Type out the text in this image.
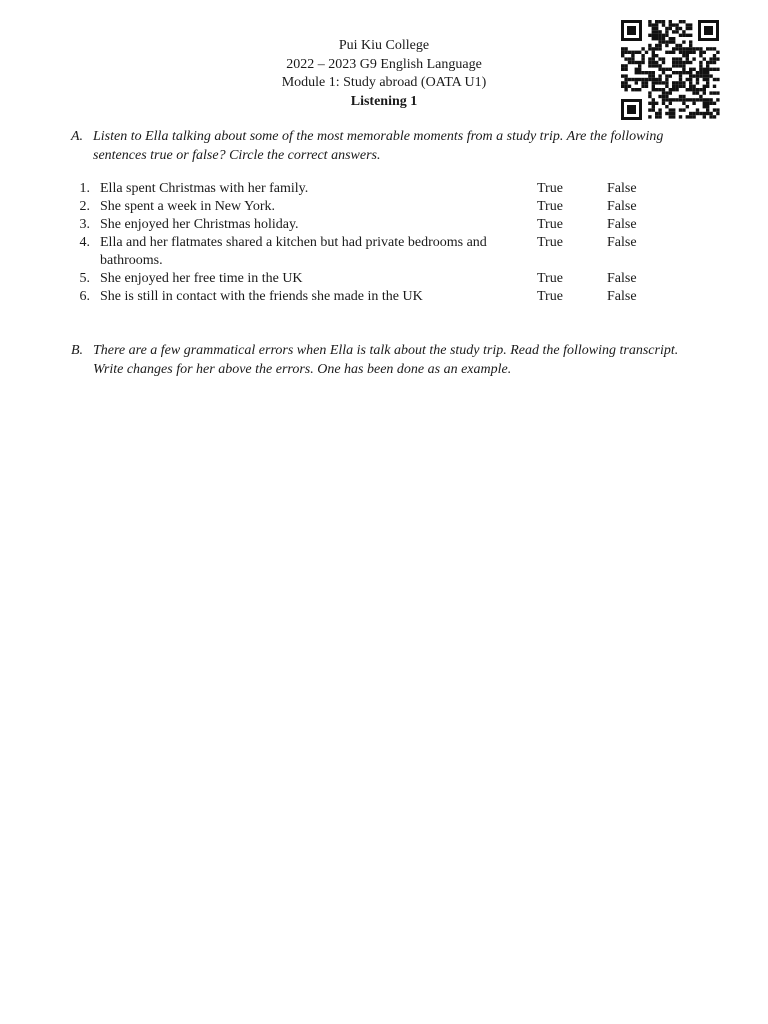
Pui Kiu College
2022 – 2023 G9 English Language
Module 1: Study abroad (OATA U1)
Listening 1
A. Listen to Ella talking about some of the most memorable moments from a study trip. Are the following sentences true or false? Circle the correct answers.
1. Ella spent Christmas with her family.	True	False
2. She spent a week in New York.	True	False
3. She enjoyed her Christmas holiday.	True	False
4. Ella and her flatmates shared a kitchen but had private bedrooms and bathrooms.
True	False
5. She enjoyed her free time in the UK	True	False
6. She is still in contact with the friends she made in the UK	True	False
B. There are a few grammatical errors when Ella is talk about the study trip. Read the following transcript. Write changes for her above the errors. One has been done as an example.
